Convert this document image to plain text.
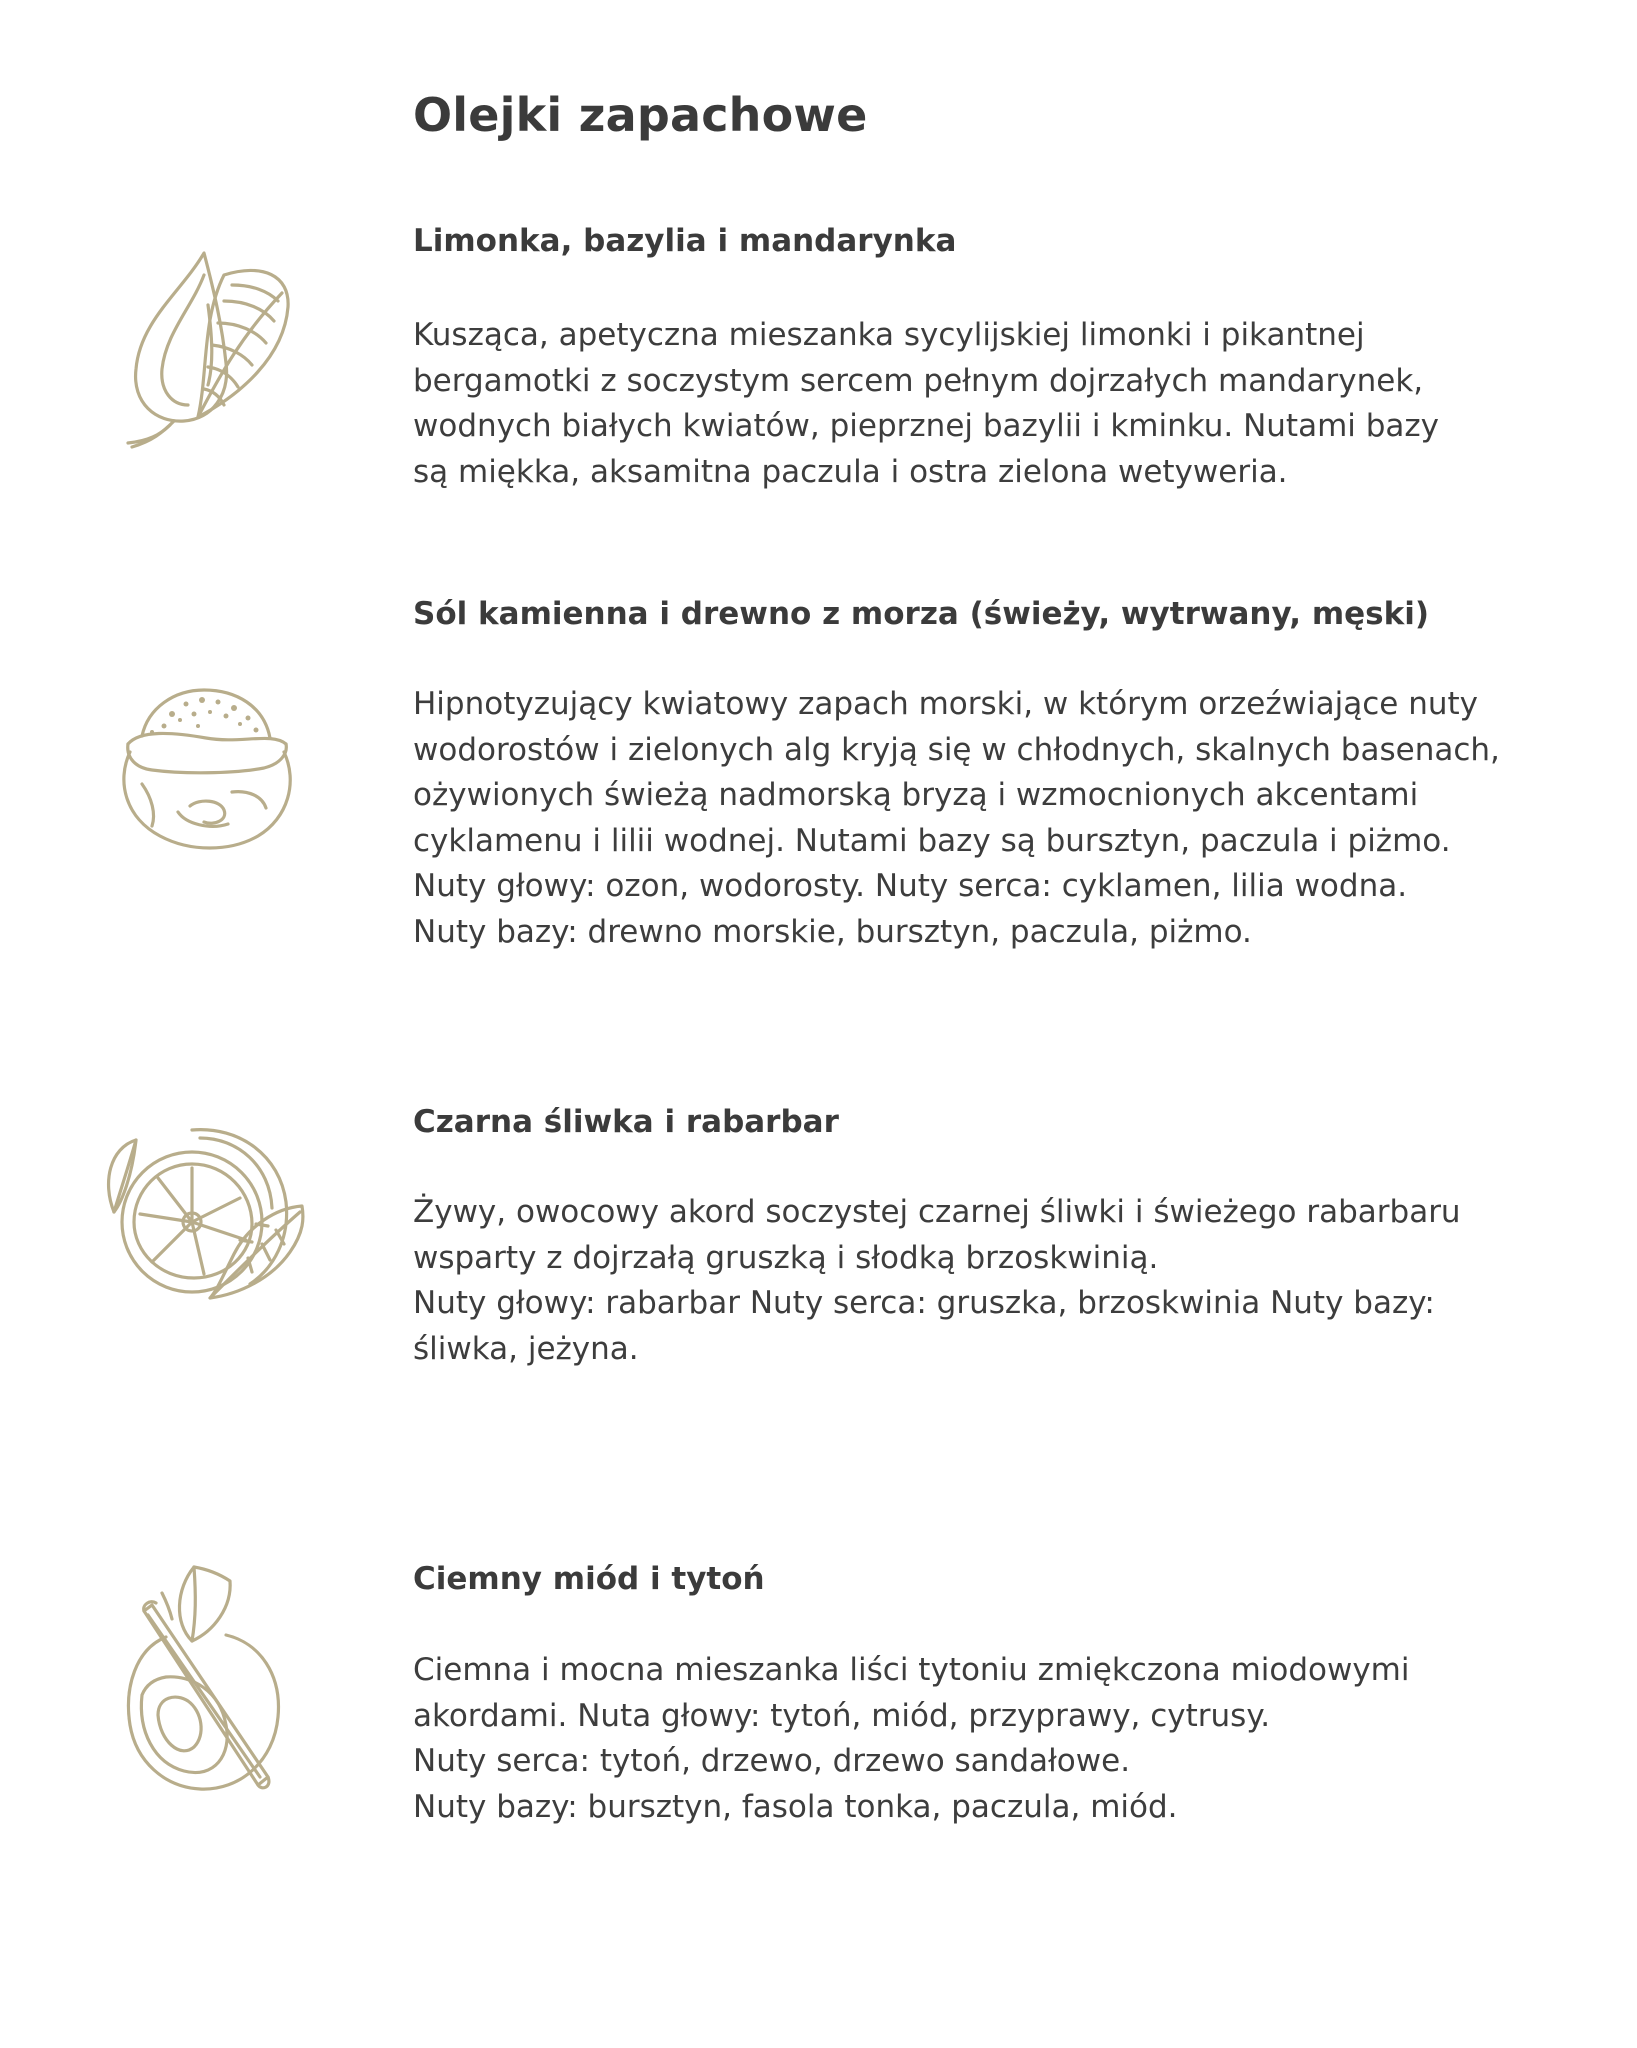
Olejki zapachowe
Limonka, bazylia i mandarynka

Kusząca, apetyczna mieszanka sycylijskiej limonki i pikantnej
bergamotki z soczystym sercem pełnym dojrzałych mandarynek,
wodnych białych kwiatów, pieprznej bazylii i kminku. Nutami bazy
są miękka, aksamitna paczula i ostra zielona wetyweria.

Sól kamienna i drewno z morza (świeży, wytrwany, męski)

Hipnotyzujący kwiatowy zapach morski, w którym orzeźwiające nuty
wodorostów i zielonych alg kryją się w chłodnych, skalnych basenach,
ożywionych świeżą nadmorską bryzą i wzmocnionych akcentami
cyklamenu i lilii wodnej. Nutami bazy są bursztyn, paczula i piżmo.
Nuty głowy: ozon, wodorosty. Nuty serca: cyklamen, lilia wodna.
Nuty bazy: drewno morskie, bursztyn, paczula, piżmo.

Czarna śliwka i rabarbar

Żywy, owocowy akord soczystej czarnej śliwki i świeżego rabarbaru
wsparty z dojrzałą gruszką i słodką brzoskwinią.
Nuty głowy: rabarbar Nuty serca: gruszka, brzoskwinia Nuty bazy:
śliwka, jeżyna.

Ciemny miód i tytoń

Ciemna i mocna mieszanka liści tytoniu zmiękczona miodowymi
akordami. Nuta głowy: tytoń, miód, przyprawy, cytrusy.
Nuty serca: tytoń, drzewo, drzewo sandałowe.
Nuty bazy: bursztyn, fasola tonka, paczula, miód.
